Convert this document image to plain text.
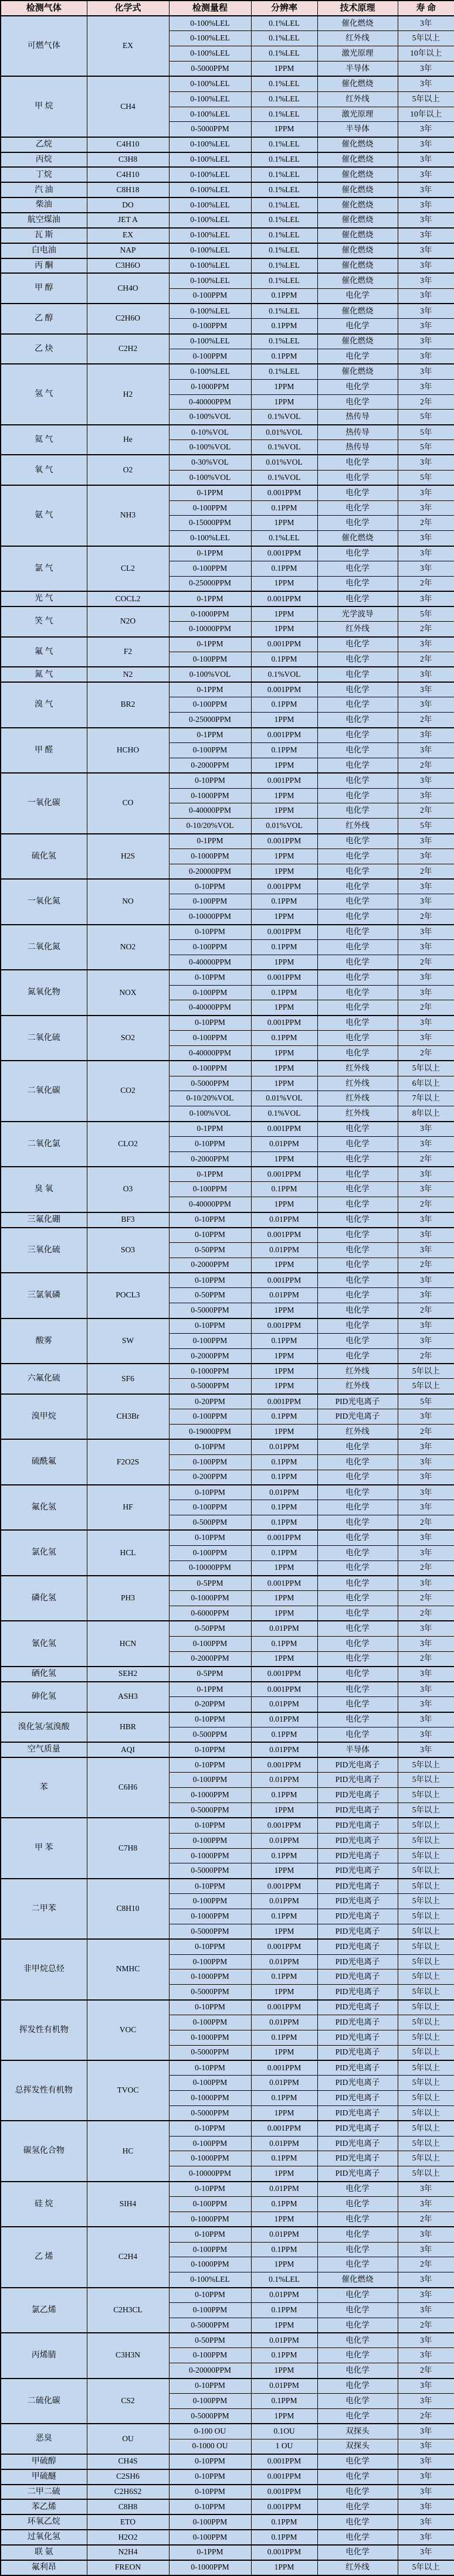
检测气体	化学式	检测量程	分辨率	技术原理	寿 命
可燃气体	EX	0-100%LEL	0.1%LEL	催化燃烧	3年
		0-100%LEL	0.1%LEL	红外线	5年以上
		0-100%LEL	0.1%LEL	激光原理	10年以上
		0-5000PPM	1PPM	半导体	3年
甲 烷	CH4	0-100%LEL	0.1%LEL	催化燃烧	3年
		0-100%LEL	0.1%LEL	红外线	5年以上
		0-100%LEL	0.1%LEL	激光原理	10年以上
		0-5000PPM	1PPM	半导体	3年
乙烷	C4H10	0-100%LEL	0.1%LEL	催化燃烧	3年
丙烷	C3H8	0-100%LEL	0.1%LEL	催化燃烧	3年
丁烷	C4H10	0-100%LEL	0.1%LEL	催化燃烧	3年
汽 油	C8H18	0-100%LEL	0.1%LEL	催化燃烧	3年
柴油	DO	0-100%LEL	0.1%LEL	催化燃烧	3年
航空煤油	JET A	0-100%LEL	0.1%LEL	催化燃烧	3年
瓦 斯	EX	0-100%LEL	0.1%LEL	催化燃烧	3年
白电油	NAP	0-100%LEL	0.1%LEL	催化燃烧	3年
丙 酮	C3H6O	0-100%LEL	0.1%LEL	催化燃烧	3年
甲 醇	CH4O	0-100%LEL	0.1%LEL	催化燃烧	3年
		0-100PPM	0.1PPM	电化学	3年
乙 醇	C2H6O	0-100%LEL	0.1%LEL	催化燃烧	3年
		0-100PPM	0.1PPM	电化学	3年
乙 炔	C2H2	0-100%LEL	0.1%LEL	催化燃烧	3年
		0-100PPM	0.1PPM	电化学	3年
氢 气	H2	0-100%LEL	0.1%LEL	催化燃烧	3年
		0-1000PPM	1PPM	电化学	3年
		0-40000PPM	1PPM	电化学	2年
		0-100%VOL	0.1%VOL	热传导	5年
氦 气	He	0-10%VOL	0.01%VOL	热传导	5年
		0-100%VOL	0.1%VOL	热传导	5年
氧 气	O2	0-30%VOL	0.01%VOL	电化学	3年
		0-100%VOL	0.1%VOL	电化学	5年
氨 气	NH3	0-1PPM	0.001PPM	电化学	3年
		0-100PPM	0.1PPM	电化学	3年
		0-15000PPM	1PPM	电化学	2年
		0-100%LEL	0.1%LEL	催化燃烧	3年
氯 气	CL2	0-1PPM	0.001PPM	电化学	3年
		0-100PPM	0.1PPM	电化学	3年
		0-25000PPM	1PPM	电化学	2年
光 气	COCL2	0-1PPM	0.001PPM	电化学	3年
笑 气	N2O	0-1000PPM	1PPM	光学波导	5年
		0-10000PPM	1PPM	红外线	2年
氟 气	F2	0-1PPM	0.001PPM	电化学	3年
		0-100PPM	0.1PPM	电化学	2年
氮 气	N2	0-100%VOL	0.1%VOL	电化学	3年
溴 气	BR2	0-1PPM	0.001PPM	电化学	3年
		0-100PPM	0.1PPM	电化学	3年
		0-25000PPM	1PPM	电化学	2年
甲 醛	HCHO	0-1PPM	0.001PPM	电化学	3年
		0-100PPM	0.1PPM	电化学	3年
		0-2000PPM	1PPM	电化学	2年
一氧化碳	CO	0-10PPM	0.001PPM	电化学	3年
		0-1000PPM	1PPM	电化学	3年
		0-40000PPM	1PPM	电化学	2年
		0-10/20%VOL	0.01%VOL	红外线	5年
硫化氢	H2S	0-1PPM	0.001PPM	电化学	3年
		0-1000PPM	1PPM	电化学	3年
		0-20000PPM	1PPM	电化学	2年
一氧化氮	NO	0-10PPM	0.001PPM	电化学	3年
		0-100PPM	0.1PPM	电化学	3年
		0-10000PPM	1PPM	电化学	2年
二氧化氮	NO2	0-10PPM	0.001PPM	电化学	3年
		0-100PPM	0.1PPM	电化学	3年
		0-40000PPM	1PPM	电化学	2年
氮氧化物	NOX	0-10PPM	0.001PPM	电化学	3年
		0-100PPM	0.1PPM	电化学	3年
		0-40000PPM	1PPM	电化学	2年
二氧化硫	SO2	0-10PPM	0.001PPM	电化学	3年
		0-100PPM	0.1PPM	电化学	3年
		0-40000PPM	1PPM	电化学	2年
二氧化碳	CO2	0-100PPM	1PPM	红外线	5年以上
		0-5000PPM	1PPM	红外线	6年以上
		0-10/20%VOL	0.01%VOL	红外线	7年以上
		0-100%VOL	0.1%VOL	红外线	8年以上
二氧化氯	CLO2	0-1PPM	0.001PPM	电化学	3年
		0-10PPM	0.01PPM	电化学	3年
		0-2000PPM	1PPM	电化学	2年
臭 氧	O3	0-1PPM	0.001PPM	电化学	3年
		0-100PPM	0.1PPM	电化学	3年
		0-40000PPM	1PPM	电化学	2年
三氟化硼	BF3	0-10PPM	0.01PPM	电化学	3年
三氧化硫	SO3	0-10PPM	0.001PPM	电化学	3年
		0-50PPM	0.01PPM	电化学	3年
		0-2000PPM	1PPM	电化学	2年
三氯氧磷	POCL3	0-10PPM	0.001PPM	电化学	3年
		0-50PPM	0.01PPM	电化学	3年
		0-5000PPM	1PPM	电化学	2年
酸雾	SW	0-10PPM	0.001PPM	电化学	3年
		0-100PPM	0.1PPM	电化学	3年
		0-2000PPM	1PPM	电化学	2年
六氟化硫	SF6	0-1000PPM	1PPM	红外线	5年以上
		0-5000PPM	1PPM	红外线	5年以上
溴甲烷	CH3Br	0-20PPM	0.001PPM	PID光电离子	5年
		0-100PPM	0.1PPM	PID光电离子	3年
		0-19000PPM	1PPM	红外线	2年
硫酰氟	F2O2S	0-10PPM	0.01PPM	电化学	3年
		0-100PPM	0.1PPM	电化学	3年
		0-200PPM	0.1PPM	电化学	3年
氟化氢	HF	0-10PPM	0.01PPM	电化学	3年
		0-100PPM	0.1PPM	电化学	3年
		0-500PPM	0.1PPM	电化学	2年
氯化氢	HCL	0-10PPM	0.001PPM	电化学	3年
		0-100PPM	0.1PPM	电化学	3年
		0-10000PPM	1PPM	电化学	2年
磷化氢	PH3	0-5PPM	0.001PPM	电化学	3年
		0-1000PPM	1PPM	电化学	2年
		0-6000PPM	1PPM	电化学	2年
氰化氢	HCN	0-50PPM	0.01PPM	电化学	3年
		0-100PPM	0.1PPM	电化学	3年
		0-2000PPM	1PPM	电化学	2年
硒化氢	SEH2	0-5PPM	0.001PPM	电化学	3年
砷化氢	ASH3	0-1PPM	0.001PPM	电化学	3年
		0-20PPM	0.01PPM	电化学	3年
溴化氢/氢溴酸	HBR	0-10PPM	0.01PPM	电化学	3年
		0-500PPM	0.1PPM	电化学	3年
空气质量	AQI	0-10PPM	0.01PPM	半导体	3年
苯	C6H6	0-10PPM	0.001PPM	PID光电离子	5年以上
		0-100PPM	0.01PPM	PID光电离子	5年以上
		0-1000PPM	0.1PPM	PID光电离子	5年以上
		0-5000PPM	1PPM	PID光电离子	5年以上
甲 苯	C7H8	0-10PPM	0.001PPM	PID光电离子	5年以上
		0-100PPM	0.01PPM	PID光电离子	5年以上
		0-1000PPM	0.1PPM	PID光电离子	5年以上
		0-5000PPM	1PPM	PID光电离子	5年以上
二甲苯	C8H10	0-10PPM	0.001PPM	PID光电离子	5年以上
		0-100PPM	0.01PPM	PID光电离子	5年以上
		0-1000PPM	0.1PPM	PID光电离子	5年以上
		0-5000PPM	1PPM	PID光电离子	5年以上
非甲烷总烃	NMHC	0-10PPM	0.001PPM	PID光电离子	5年以上
		0-100PPM	0.01PPM	PID光电离子	5年以上
		0-1000PPM	0.1PPM	PID光电离子	5年以上
		0-5000PPM	1PPM	PID光电离子	5年以上
挥发性有机物	VOC	0-10PPM	0.001PPM	PID光电离子	5年以上
		0-100PPM	0.01PPM	PID光电离子	5年以上
		0-1000PPM	0.1PPM	PID光电离子	5年以上
		0-5000PPM	1PPM	PID光电离子	5年以上
总挥发性有机物	TVOC	0-10PPM	0.001PPM	PID光电离子	5年以上
		0-100PPM	0.01PPM	PID光电离子	5年以上
		0-1000PPM	0.1PPM	PID光电离子	5年以上
		0-5000PPM	1PPM	PID光电离子	5年以上
碳氢化合物	HC	0-10PPM	0.001PPM	PID光电离子	5年以上
		0-100PPM	0.01PPM	PID光电离子	5年以上
		0-1000PPM	0.1PPM	PID光电离子	5年以上
		0-10000PPM	1PPM	PID光电离子	5年以上
硅 烷	SIH4	0-10PPM	0.01PPM	电化学	3年
		0-100PPM	0.1PPM	电化学	3年
		0-1000PPM	1PPM	电化学	2年
乙 烯	C2H4	0-10PPM	0.01PPM	电化学	3年
		0-100PPM	0.1PPM	电化学	3年
		0-1000PPM	1PPM	电化学	2年
		0-100%LEL	0.1%LEL	催化燃烧	3年
氯乙烯	C2H3CL	0-10PPM	0.01PPM	电化学	3年
		0-100PPM	0.1PPM	电化学	3年
		0-5000PPM	1PPM	电化学	2年
丙烯腈	C3H3N	0-50PPM	0.01PPM	电化学	3年
		0-100PPM	0.1PPM	电化学	3年
		0-20000PPM	1PPM	电化学	2年
二硫化碳	CS2	0-10PPM	0.01PPM	电化学	3年
		0-100PPM	0.1PPM	电化学	3年
		0-5000PPM	1PPM	电化学	2年
恶臭	OU	0-100 OU	0.1OU	双探头	3年
		0-1000 OU	1 OU	双探头	3年
甲硫醇	CH4S	0-10PPM	0.001PPM	电化学	3年
甲硫醚	C2SH6	0-10PPM	0.001PPM	电化学	3年
二甲二硫	C2H6S2	0-10PPM	0.001PPM	电化学	3年
苯乙烯	C8H8	0-10PPM	0.001PPM	电化学	3年
环氧乙烷	ETO	0-100PPM	0.1PPM	电化学	3年
过氧化氢	H2O2	0-100PPM	0.1PPM	电化学	3年
联 氨	N2H4	0-1PPM	0.001PPM	电化学	3年
氟利昂	FREON	0-1000PPM	1PPM	红外线	5年以上
